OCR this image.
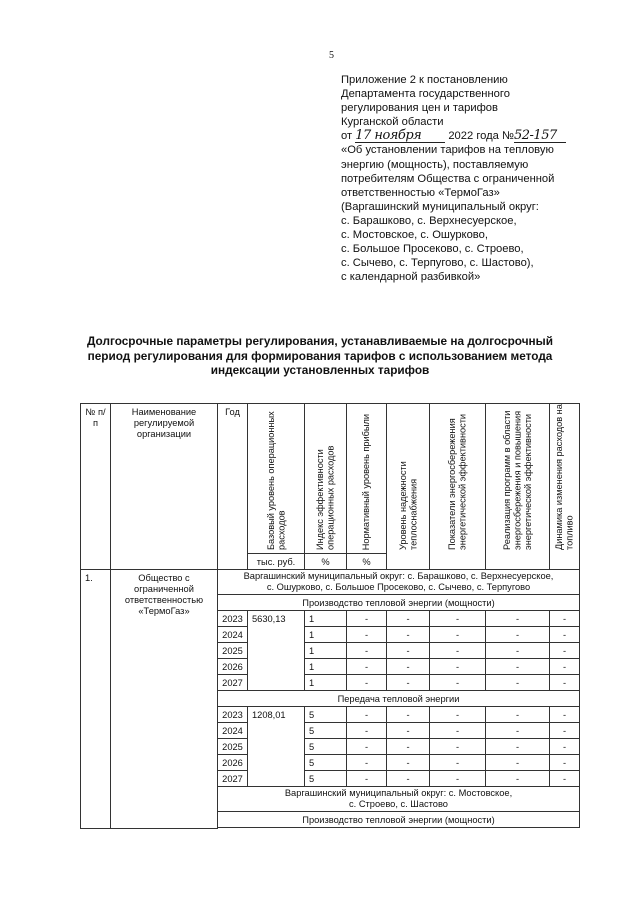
5
Приложение 2 к постановлению
Департамента государственного
регулирования цен и тарифов
Курганской области
от 17 ноября 2022 года №52-157
«Об установлении тарифов на тепловую
энергию (мощность), поставляемую
потребителям Общества с ограниченной
ответственностью «ТермоГаз»
(Варгашинский муниципальный округ:
с. Барашково, с. Верхнесуерское,
с. Мостовское, с. Ошурково,
с. Большое Просеково, с. Строево,
с. Сычево, с. Терпугово, с. Шастово),
с календарной разбивкой»
Долгосрочные параметры регулирования, устанавливаемые на долгосрочный
период регулирования для формирования тарифов с использованием метода
индексации установленных тарифов
№ п/п	Наименование регулируемой организации	Год	Базовый уровень операционных расходов	Индекс эффективности операционных расходов	Нормативный уровень прибыли	Уровень надежности теплоснабжения	Показатели энергосбережения энергетической эффективности	Реализация программ в области энергосбережения и повышения энергетической эффективности	Динамика изменения расходов на топливо

			тыс. руб.	%	%				
1.	Общество с ограниченной ответственностью «ТермоГаз»	Варгашинский муниципальный округ: с. Барашково, с. Верхнесуерское,
с. Ошурково, с. Большое Просеково, с. Сычево, с. Терпугово							

		Производство тепловой энергии (мощности)							
		2023	5630,13	1	-	-	-	-	-
		2024		1	-	-	-	-	-
		2025		1	-	-	-	-	-
		2026		1	-	-	-	-	-
		2027		1	-	-	-	-	-
		Передача тепловой энергии							
		2023	1208,01	5	-	-	-	-	-
		2024		5	-	-	-	-	-
		2025		5	-	-	-	-	-
		2026		5	-	-	-	-	-
		2027		5	-	-	-	-	-

		Варгашинский муниципальный округ: с. Мостовское,
с. Строево, с. Шастово							

		Производство тепловой энергии (мощности)							
